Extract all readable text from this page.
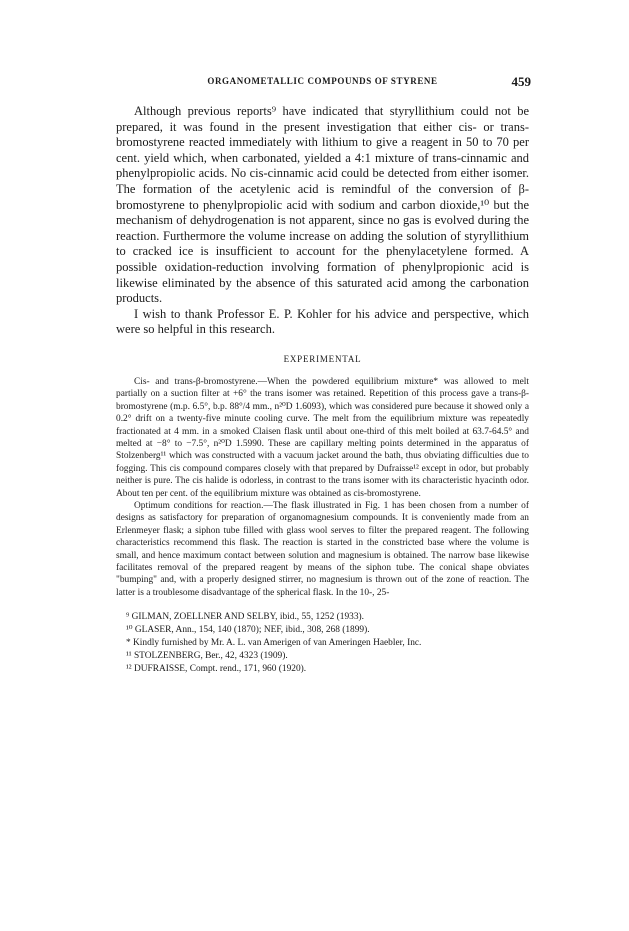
ORGANOMETALLIC COMPOUNDS OF STYRENE	459

Although previous reports⁹ have indicated that styryllithium could not be prepared, it was found in the present investigation that either cis- or trans-bromostyrene reacted immediately with lithium to give a reagent in 50 to 70 per cent. yield which, when carbonated, yielded a 4:1 mixture of trans-cinnamic and phenylpropiolic acids. No cis-cinnamic acid could be detected from either isomer. The formation of the acetylenic acid is remindful of the conversion of β-bromostyrene to phenylpropiolic acid with sodium and carbon dioxide,¹⁰ but the mechanism of dehydrogenation is not apparent, since no gas is evolved during the reaction. Furthermore the volume increase on adding the solution of styryllithium to cracked ice is insufficient to account for the phenylacetylene formed. A possible oxidation-reduction involving formation of phenylpropionic acid is likewise eliminated by the absence of this saturated acid among the carbonation products.

I wish to thank Professor E. P. Kohler for his advice and perspective, which were so helpful in this research.

EXPERIMENTAL

Cis- and trans-β-bromostyrene.—When the powdered equilibrium mixture* was allowed to melt partially on a suction filter at +6° the trans isomer was retained. Repetition of this process gave a trans-β-bromostyrene (m.p. 6.5°, b.p. 88°/4 mm., n²⁰D 1.6093), which was considered pure because it showed only a 0.2° drift on a twenty-five minute cooling curve. The melt from the equilibrium mixture was repeatedly fractionated at 4 mm. in a smoked Claisen flask until about one-third of this melt boiled at 63.7-64.5° and melted at −8° to −7.5°, n²⁰D 1.5990. These are capillary melting points determined in the apparatus of Stolzenberg¹¹ which was constructed with a vacuum jacket around the bath, thus obviating difficulties due to fogging. This cis compound compares closely with that prepared by Dufraisse¹² except in odor, but probably neither is pure. The cis halide is odorless, in contrast to the trans isomer with its characteristic hyacinth odor. About ten per cent. of the equilibrium mixture was obtained as cis-bromostyrene.

Optimum conditions for reaction.—The flask illustrated in Fig. 1 has been chosen from a number of designs as satisfactory for preparation of organomagnesium compounds. It is conveniently made from an Erlenmeyer flask; a siphon tube filled with glass wool serves to filter the prepared reagent. The following characteristics recommend this flask. The reaction is started in the constricted base where the volume is small, and hence maximum contact between solution and magnesium is obtained. The narrow base likewise facilitates removal of the prepared reagent by means of the siphon tube. The conical shape obviates "bumping" and, with a properly designed stirrer, no magnesium is thrown out of the zone of reaction. The latter is a troublesome disadvantage of the spherical flask. In the 10-, 25-

⁹ GILMAN, ZOELLNER AND SELBY, ibid., 55, 1252 (1933).

¹⁰ GLASER, Ann., 154, 140 (1870); NEF, ibid., 308, 268 (1899).

* Kindly furnished by Mr. A. L. van Amerigen of van Ameringen Haebler, Inc.

¹¹ STOLZENBERG, Ber., 42, 4323 (1909).

¹² DUFRAISSE, Compt. rend., 171, 960 (1920).
